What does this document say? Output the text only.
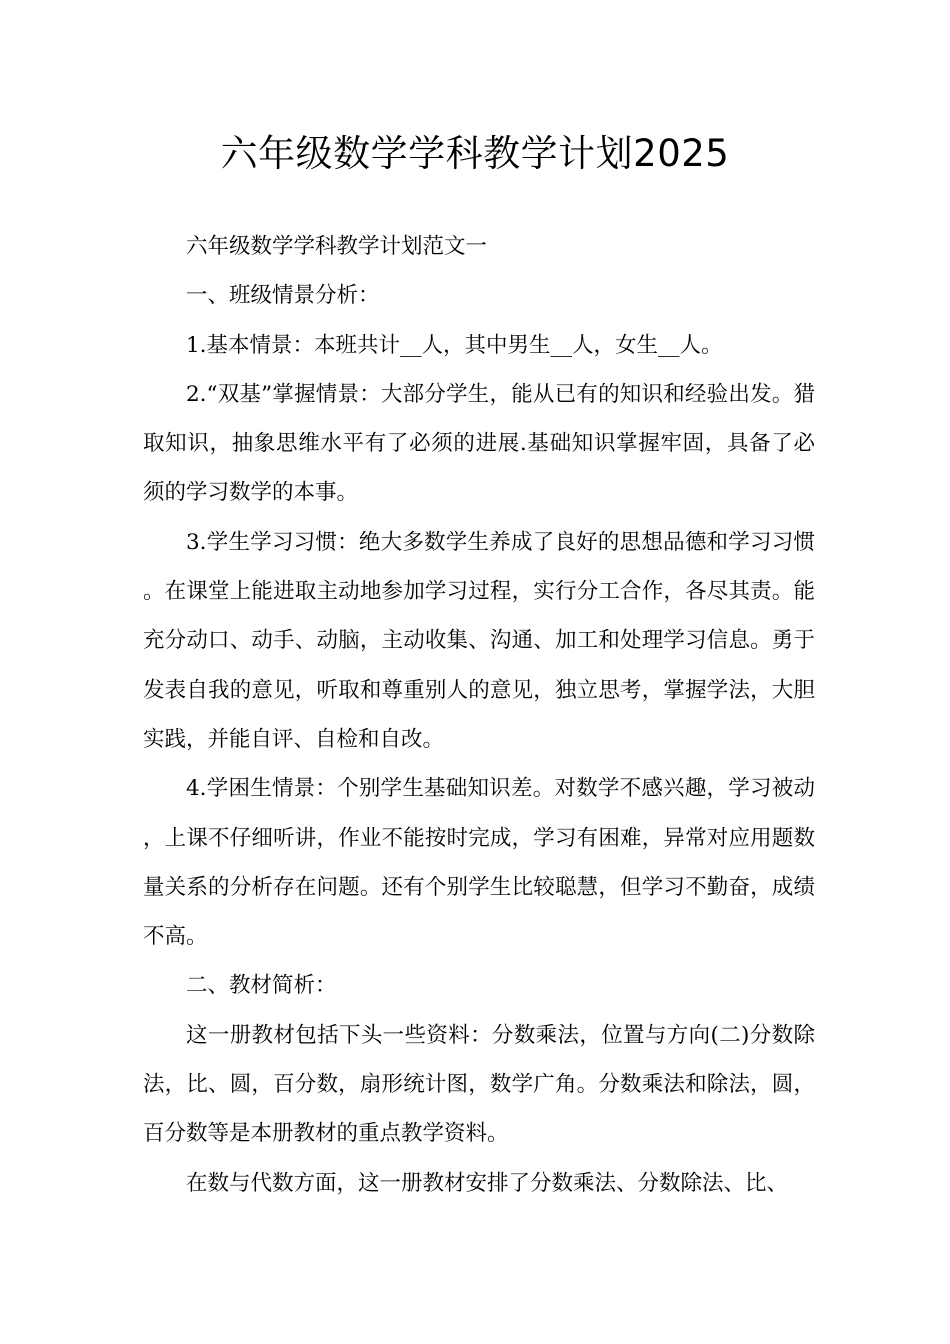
六年级数学学科教学计划2025

六年级数学学科教学计划范文一

一、班级情景分析：

1.基本情景：本班共计__人，其中男生__人，女生__人。

2.“双基”掌握情景：大部分学生，能从已有的知识和经验出发。猎取知识，抽象思维水平有了必须的进展.基础知识掌握牢固，具备了必须的学习数学的本事。

3.学生学习习惯：绝大多数学生养成了良好的思想品德和学习习惯。在课堂上能进取主动地参加学习过程，实行分工合作，各尽其责。能充分动口、动手、动脑，主动收集、沟通、加工和处理学习信息。勇于发表自我的意见，听取和尊重别人的意见，独立思考，掌握学法，大胆实践，并能自评、自检和自改。

4.学困生情景：个别学生基础知识差。对数学不感兴趣，学习被动，上课不仔细听讲，作业不能按时完成，学习有困难，异常对应用题数量关系的分析存在问题。还有个别学生比较聪慧，但学习不勤奋，成绩不高。

二、教材简析：

这一册教材包括下头一些资料：分数乘法，位置与方向(二)分数除法，比、圆，百分数，扇形统计图，数学广角。分数乘法和除法，圆，百分数等是本册教材的重点教学资料。

在数与代数方面，这一册教材安排了分数乘法、分数除法、比、
